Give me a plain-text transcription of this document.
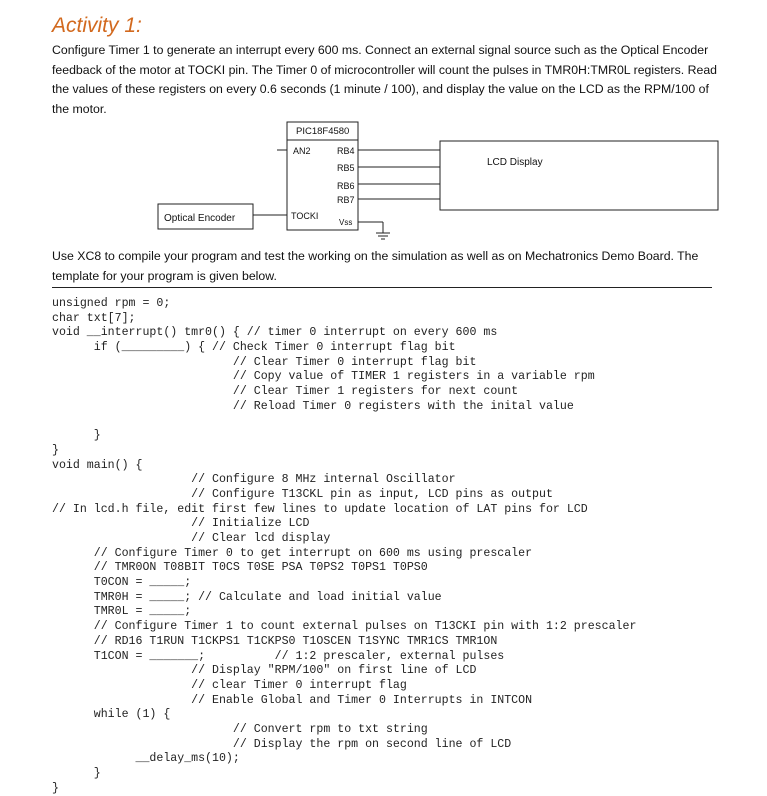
Activity 1:
Configure Timer 1 to generate an interrupt every 600 ms. Connect an external signal source such as the Optical Encoder feedback of the motor at TOCKI pin. The Timer 0 of microcontroller will count the pulses in TMR0H:TMR0L registers. Read the values of these registers on every 0.6 seconds (1 minute / 100), and display the value on the LCD as the RPM/100 of the motor.
PIC18F4580
AN2	RB4
RB5
RB6
RB7
TOCKI
Vss
LCD Display
Optical Encoder
Use XC8 to compile your program and test the working on the simulation as well as on Mechatronics Demo Board. The template for your program is given below.
unsigned rpm = 0;
char txt[7];
void __interrupt() tmr0() { // timer 0 interrupt on every 600 ms
if (_________) { // Check Timer 0 interrupt flag bit
// Clear Timer 0 interrupt flag bit
// Copy value of TIMER 1 registers in a variable rpm
// Clear Timer 1 registers for next count
// Reload Timer 0 registers with the inital value

}
}
void main() {
// Configure 8 MHz internal Oscillator
// Configure T13CKL pin as input, LCD pins as output
// In lcd.h file, edit first few lines to update location of LAT pins for LCD
// Initialize LCD
// Clear lcd display
// Configure Timer 0 to get interrupt on 600 ms using prescaler
// TMR0ON T08BIT T0CS T0SE PSA T0PS2 T0PS1 T0PS0
T0CON = _____;
TMR0H = _____; // Calculate and load initial value
TMR0L = _____;
// Configure Timer 1 to count external pulses on T13CKI pin with 1:2 prescaler
// RD16 T1RUN T1CKPS1 T1CKPS0 T1OSCEN T1SYNC TMR1CS TMR1ON
T1CON = _______;          // 1:2 prescaler, external pulses
// Display "RPM/100" on first line of LCD
// clear Timer 0 interrupt flag
// Enable Global and Timer 0 Interrupts in INTCON
while (1) {
// Convert rpm to txt string
// Display the rpm on second line of LCD
__delay_ms(10);
}
}
